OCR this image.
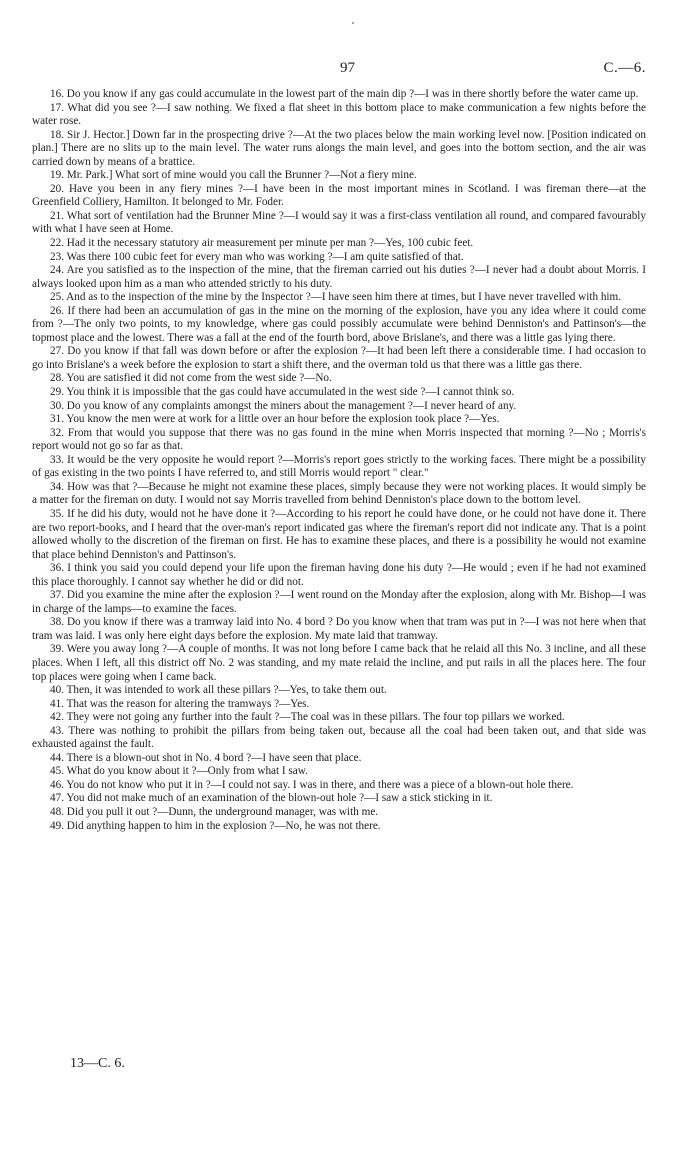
97	C.—6.
16. Do you know if any gas could accumulate in the lowest part of the main dip ?—I was in there shortly before the water came up.
17. What did you see ?—I saw nothing. We fixed a flat sheet in this bottom place to make communication a few nights before the water rose.
18. Sir J. Hector.] Down far in the prospecting drive ?—At the two places below the main working level now. [Position indicated on plan.] There are no slits up to the main level. The water runs alongs the main level, and goes into the bottom section, and the air was carried down by means of a brattice.
19. Mr. Park.] What sort of mine would you call the Brunner ?—Not a fiery mine.
20. Have you been in any fiery mines ?—I have been in the most important mines in Scotland. I was fireman there—at the Greenfield Colliery, Hamilton. It belonged to Mr. Foder.
21. What sort of ventilation had the Brunner Mine ?—I would say it was a first-class ventilation all round, and compared favourably with what I have seen at Home.
22. Had it the necessary statutory air measurement per minute per man ?—Yes, 100 cubic feet.
23. Was there 100 cubic feet for every man who was working ?—I am quite satisfied of that.
24. Are you satisfied as to the inspection of the mine, that the fireman carried out his duties ?—I never had a doubt about Morris. I always looked upon him as a man who attended strictly to his duty.
25. And as to the inspection of the mine by the Inspector ?—I have seen him there at times, but I have never travelled with him.
26. If there had been an accumulation of gas in the mine on the morning of the explosion, have you any idea where it could come from ?—The only two points, to my knowledge, where gas could possibly accumulate were behind Denniston's and Pattinson's—the topmost place and the lowest. There was a fall at the end of the fourth bord, above Brislane's, and there was a little gas lying there.
27. Do you know if that fall was down before or after the explosion ?—It had been left there a considerable time. I had occasion to go into Brislane's a week before the explosion to start a shift there, and the overman told us that there was a little gas there.
28. You are satisfied it did not come from the west side ?—No.
29. You think it is impossible that the gas could have accumulated in the west side ?—I cannot think so.
30. Do you know of any complaints amongst the miners about the management ?—I never heard of any.
31. You know the men were at work for a little over an hour before the explosion took place ?—Yes.
32. From that would you suppose that there was no gas found in the mine when Morris inspected that morning ?—No ; Morris's report would not go so far as that.
33. It would be the very opposite he would report ?—Morris's report goes strictly to the working faces. There might be a possibility of gas existing in the two points I have referred to, and still Morris would report " clear."
34. How was that ?—Because he might not examine these places, simply because they were not working places. It would simply be a matter for the fireman on duty. I would not say Morris travelled from behind Denniston's place down to the bottom level.
35. If he did his duty, would not he have done it ?—According to his report he could have done, or he could not have done it. There are two report-books, and I heard that the over-man's report indicated gas where the fireman's report did not indicate any. That is a point allowed wholly to the discretion of the fireman on first. He has to examine these places, and there is a possibility he would not examine that place behind Denniston's and Pattinson's.
36. I think you said you could depend your life upon the fireman having done his duty ?—He would ; even if he had not examined this place thoroughly. I cannot say whether he did or did not.
37. Did you examine the mine after the explosion ?—I went round on the Monday after the explosion, along with Mr. Bishop—I was in charge of the lamps—to examine the faces.
38. Do you know if there was a tramway laid into No. 4 bord ? Do you know when that tram was put in ?—I was not here when that tram was laid. I was only here eight days before the explosion. My mate laid that tramway.
39. Were you away long ?—A couple of months. It was not long before I came back that he relaid all this No. 3 incline, and all these places. When I left, all this district off No. 2 was standing, and my mate relaid the incline, and put rails in all the places here. The four top places were going when I came back.
40. Then, it was intended to work all these pillars ?—Yes, to take them out.
41. That was the reason for altering the tramways ?—Yes.
42. They were not going any further into the fault ?—The coal was in these pillars. The four top pillars we worked.
43. There was nothing to prohibit the pillars from being taken out, because all the coal had been taken out, and that side was exhausted against the fault.
44. There is a blown-out shot in No. 4 bord ?—I have seen that place.
45. What do you know about it ?—Only from what I saw.
46. You do not know who put it in ?—I could not say. I was in there, and there was a piece of a blown-out hole there.
47. You did not make much of an examination of the blown-out hole ?—I saw a stick sticking in it.
48. Did you pull it out ?—Dunn, the underground manager, was with me.
49. Did anything happen to him in the explosion ?—No, he was not there.
13—C. 6.
